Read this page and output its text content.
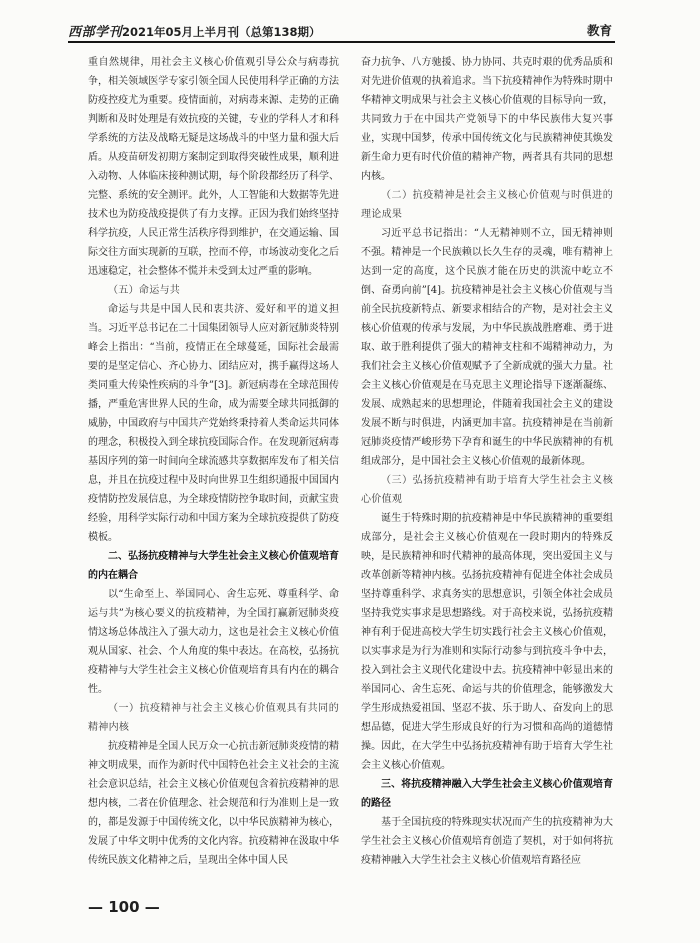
西部学刊2021年05月上半月刊（总第138期）	教育

重自然规律，用社会主义核心价值观引导公众与病毒抗争，相关领域医学专家引领全国人民使用科学正确的方法防疫控疫尤为重要。疫情面前，对病毒来源、走势的正确判断和及时处理是有效抗疫的关键，专业的学科人才和科学系统的方法及战略无疑是这场战斗的中坚力量和强大后盾。从疫苗研发初期方案制定到取得突破性成果，顺利进入动物、人体临床接种测试期，每个阶段都经历了科学、完整、系统的安全测评。此外，人工智能和大数据等先进技术也为防疫战疫提供了有力支撑。正因为我们始终坚持科学抗疫，人民正常生活秩序得到维护，在交通运输、国际交往方面实现新的互联，控而不停，市场波动变化之后迅速稳定，社会整体不慌并未受到太过严重的影响。

（五）命运与共

命运与共是中国人民和衷共济、爱好和平的道义担当。习近平总书记在二十国集团领导人应对新冠肺炎特别峰会上指出：“当前，疫情正在全球蔓延，国际社会最需要的是坚定信心、齐心协力、团结应对，携手赢得这场人类同重大传染性疾病的斗争”[3]。新冠病毒在全球范围传播，严重危害世界人民的生命，成为需要全球共同抵御的威胁，中国政府与中国共产党始终秉持着人类命运共同体的理念，积极投入到全球抗疫国际合作。在发现新冠病毒基因序列的第一时间向全球流感共享数据库发布了相关信息，并且在抗疫过程中及时向世界卫生组织通报中国国内疫情防控发展信息，为全球疫情防控争取时间，贡献宝贵经验，用科学实际行动和中国方案为全球抗疫提供了防疫模板。

二、弘扬抗疫精神与大学生社会主义核心价值观培育的内在耦合

以“生命至上、举国同心、舍生忘死、尊重科学、命运与共”为核心要义的抗疫精神，为全国打赢新冠肺炎疫情这场总体战注入了强大动力，这也是社会主义核心价值观从国家、社会、个人角度的集中表达。在高校，弘扬抗疫精神与大学生社会主义核心价值观培育具有内在的耦合性。

（一）抗疫精神与社会主义核心价值观具有共同的精神内核

抗疫精神是全国人民万众一心抗击新冠肺炎疫情的精神文明成果，而作为新时代中国特色社会主义社会的主流社会意识总结，社会主义核心价值观包含着抗疫精神的思想内核，二者在价值理念、社会规范和行为准则上是一致的，都是发源于中国传统文化，以中华民族精神为核心，发展了中华文明中优秀的文化内容。抗疫精神在汲取中华传统民族文化精神之后，呈现出全体中国人民

奋力抗争、八方驰援、协力协同、共克时艰的优秀品质和对先进价值观的执着追求。当下抗疫精神作为特殊时期中华精神文明成果与社会主义核心价值观的目标导向一致，共同致力于在中国共产党领导下的中华民族伟大复兴事业，实现中国梦，传承中国传统文化与民族精神使其焕发新生命力更有时代价值的精神产物，两者具有共同的思想内核。

（二）抗疫精神是社会主义核心价值观与时俱进的理论成果

习近平总书记指出：“人无精神则不立，国无精神则不强。精神是一个民族赖以长久生存的灵魂，唯有精神上达到一定的高度，这个民族才能在历史的洪流中屹立不倒、奋勇向前”[4]。抗疫精神是社会主义核心价值观与当前全民抗疫新特点、新要求相结合的产物，是对社会主义核心价值观的传承与发展，为中华民族战胜磨难、勇于进取、敢于胜利提供了强大的精神支柱和不竭精神动力，为我们社会主义核心价值观赋予了全新成就的强大力量。社会主义核心价值观是在马克思主义理论指导下逐渐凝练、发展、成熟起来的思想理论，伴随着我国社会主义的建设发展不断与时俱进，内涵更加丰富。抗疫精神是在当前新冠肺炎疫情严峻形势下孕育和诞生的中华民族精神的有机组成部分，是中国社会主义核心价值观的最新体现。

（三）弘扬抗疫精神有助于培育大学生社会主义核心价值观

诞生于特殊时期的抗疫精神是中华民族精神的重要组成部分，是社会主义核心价值观在一段时期内的特殊反映，是民族精神和时代精神的最高体现，突出爱国主义与改革创新等精神内核。弘扬抗疫精神有促进全体社会成员坚持尊重科学、求真务实的思想意识，引领全体社会成员坚持我党实事求是思想路线。对于高校来说，弘扬抗疫精神有利于促进高校大学生切实践行社会主义核心价值观，以实事求是为行为准则和实际行动参与到抗疫斗争中去，投入到社会主义现代化建设中去。抗疫精神中彰显出来的举国同心、舍生忘死、命运与共的价值理念，能够激发大学生形成热爱祖国、坚忍不拔、乐于助人、奋发向上的思想品德，促进大学生形成良好的行为习惯和高尚的道德情操。因此，在大学生中弘扬抗疫精神有助于培育大学生社会主义核心价值观。

三、将抗疫精神融入大学生社会主义核心价值观培育的路径

基于全国抗疫的特殊现实状况而产生的抗疫精神为大学生社会主义核心价值观培育创造了契机，对于如何将抗疫精神融入大学生社会主义核心价值观培育路径应

— 100 —
